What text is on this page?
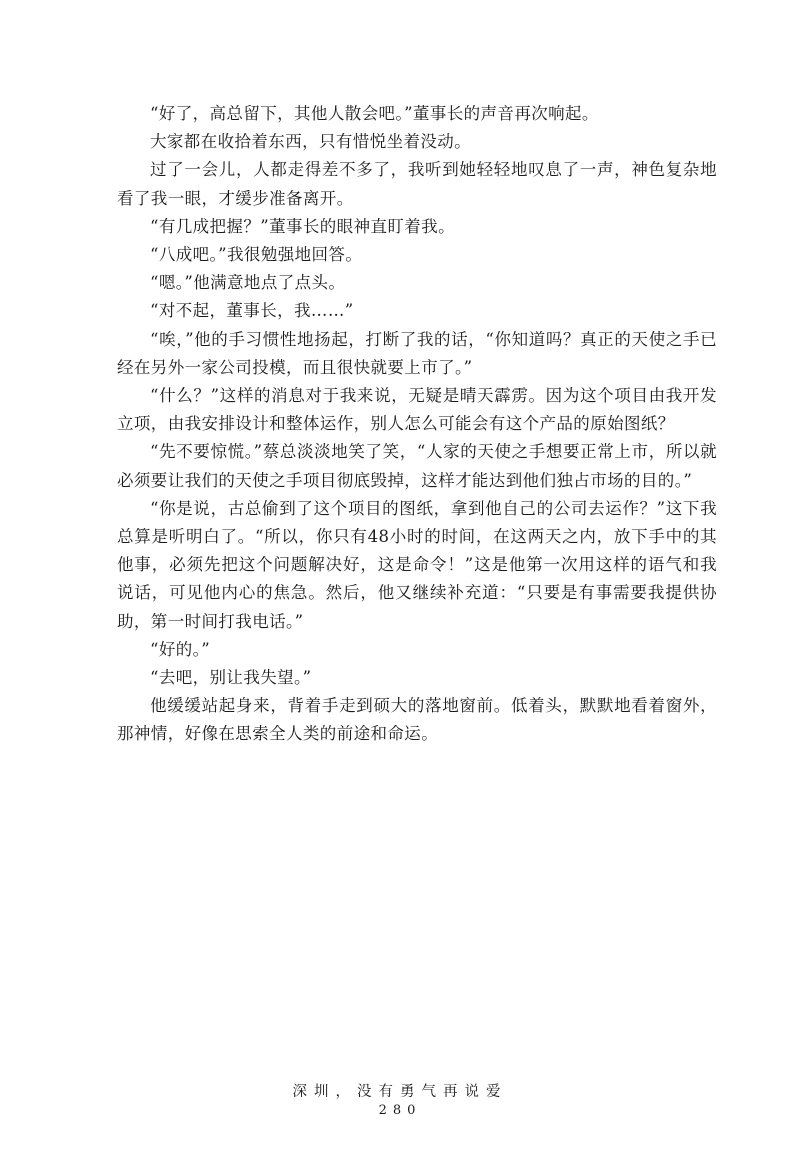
“好了，高总留下，其他人散会吧。”董事长的声音再次响起。

大家都在收拾着东西，只有惜悦坐着没动。

过了一会儿，人都走得差不多了，我听到她轻轻地叹息了一声，神色复杂地看了我一眼，才缓步准备离开。

“有几成把握？”董事长的眼神直盯着我。

“八成吧。”我很勉强地回答。

“嗯。”他满意地点了点头。

“对不起，董事长，我……”

“唉，”他的手习惯性地扬起，打断了我的话，“你知道吗？真正的天使之手已经在另外一家公司投模，而且很快就要上市了。”

“什么？”这样的消息对于我来说，无疑是晴天霹雳。因为这个项目由我开发立项，由我安排设计和整体运作，别人怎么可能会有这个产品的原始图纸？

“先不要惊慌。”蔡总淡淡地笑了笑，“人家的天使之手想要正常上市，所以就必须要让我们的天使之手项目彻底毁掉，这样才能达到他们独占市场的目的。”

“你是说，古总偷到了这个项目的图纸，拿到他自己的公司去运作？”这下我总算是听明白了。“所以，你只有48小时的时间，在这两天之内，放下手中的其他事，必须先把这个问题解决好，这是命令！”这是他第一次用这样的语气和我说话，可见他内心的焦急。然后，他又继续补充道：“只要是有事需要我提供协助，第一时间打我电话。”

“好的。”

“去吧，别让我失望。”

他缓缓站起身来，背着手走到硕大的落地窗前。低着头，默默地看着窗外，那神情，好像在思索全人类的前途和命运。

深圳，没有勇气再说爱
280
